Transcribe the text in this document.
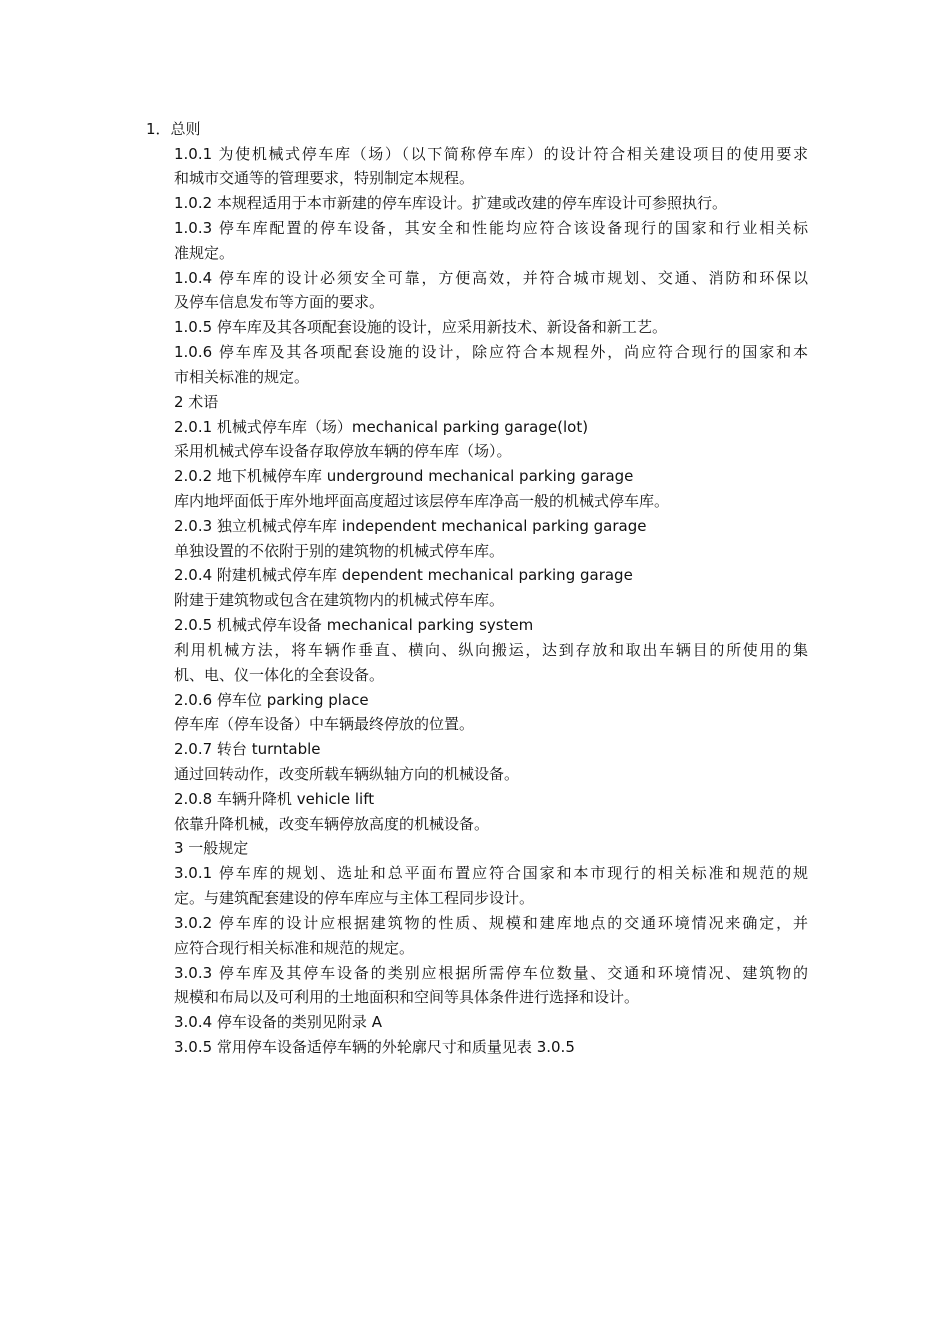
1．总则
1.0.1 为使机械式停车库（场）（以下简称停车库）的设计符合相关建设项目的使用要求
和城市交通等的管理要求，特别制定本规程。
1.0.2 本规程适用于本市新建的停车库设计。扩建或改建的停车库设计可参照执行。
1.0.3 停车库配置的停车设备，其安全和性能均应符合该设备现行的国家和行业相关标
准规定。
1.0.4 停车库的设计必须安全可靠，方便高效，并符合城市规划、交通、消防和环保以
及停车信息发布等方面的要求。
1.0.5 停车库及其各项配套设施的设计，应采用新技术、新设备和新工艺。
1.0.6 停车库及其各项配套设施的设计，除应符合本规程外，尚应符合现行的国家和本
市相关标准的规定。
2 术语
2.0.1 机械式停车库（场）mechanical parking garage(lot)
采用机械式停车设备存取停放车辆的停车库（场）。
2.0.2 地下机械停车库 underground mechanical parking garage
库内地坪面低于库外地坪面高度超过该层停车库净高一般的机械式停车库。
2.0.3 独立机械式停车库 independent mechanical parking garage
单独设置的不依附于别的建筑物的机械式停车库。
2.0.4 附建机械式停车库 dependent mechanical parking garage
附建于建筑物或包含在建筑物内的机械式停车库。
2.0.5 机械式停车设备 mechanical parking system
利用机械方法，将车辆作垂直、横向、纵向搬运，达到存放和取出车辆目的所使用的集
机、电、仪一体化的全套设备。
2.0.6 停车位 parking place
停车库（停车设备）中车辆最终停放的位置。
2.0.7 转台 turntable
通过回转动作，改变所载车辆纵轴方向的机械设备。
2.0.8 车辆升降机 vehicle lift
依靠升降机械，改变车辆停放高度的机械设备。
3 一般规定
3.0.1 停车库的规划、选址和总平面布置应符合国家和本市现行的相关标准和规范的规
定。与建筑配套建设的停车库应与主体工程同步设计。
3.0.2 停车库的设计应根据建筑物的性质、规模和建库地点的交通环境情况来确定，并
应符合现行相关标准和规范的规定。
3.0.3 停车库及其停车设备的类别应根据所需停车位数量、交通和环境情况、建筑物的
规模和布局以及可利用的土地面积和空间等具体条件进行选择和设计。
3.0.4 停车设备的类别见附录 A
3.0.5 常用停车设备适停车辆的外轮廓尺寸和质量见表 3.0.5
